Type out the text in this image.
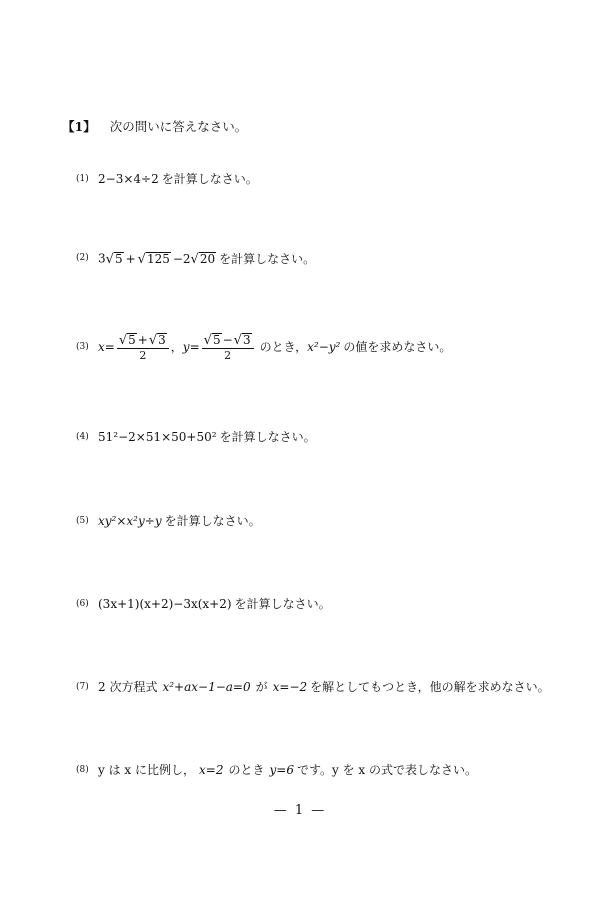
【1】 次の問いに答えなさい。
(1) 2−3×4÷2 を計算しなさい。
(2) 3 √ 5 + √ 125 −2 √ 20 を計算しなさい。
(3) $x = \frac{√ 5 + √ 3}{2}$ ， $y = \frac{√ 5 - √ 3}{2}$ のとき， x²−y² の値を求めなさい。
(4) 51²−2×51×50+50² を計算しなさい。
(5) xy²×x²y÷y を計算しなさい。
(6) (3x+1)(x+2)−3x(x+2) を計算しなさい。
(7) 2 次方程式 x²+ax−1−a=0 が x=−2 を解としてもつとき，他の解を求めなさい。
(8) y は x に比例し， x=2 のとき y=6 です。y を x の式で表しなさい。
— 1 —
